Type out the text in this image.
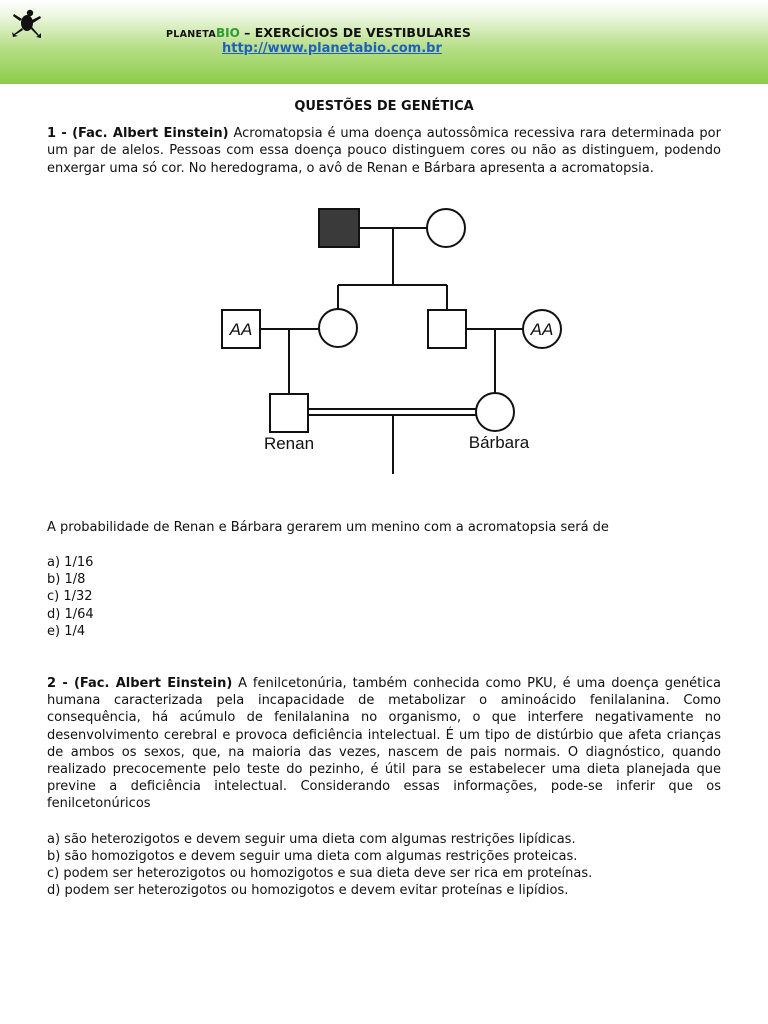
PLANETABIO – EXERCÍCIOS DE VESTIBULARES
http://www.planetabio.com.br
QUESTÕES DE GENÉTICA

1 - (Fac. Albert Einstein) Acromatopsia é uma doença autossômica recessiva rara determinada por um par de alelos. Pessoas com essa doença pouco distinguem cores ou não as distinguem, podendo enxergar uma só cor. No heredograma, o avô de Renan e Bárbara apresenta a acromatopsia.

AA	AA
Renan	Bárbara

A probabilidade de Renan e Bárbara gerarem um menino com a acromatopsia será de

a) 1/16
b) 1/8
c) 1/32
d) 1/64
e) 1/4

2 - (Fac. Albert Einstein) A fenilcetonúria, também conhecida como PKU, é uma doença genética humana caracterizada pela incapacidade de metabolizar o aminoácido fenilalanina. Como consequência, há acúmulo de fenilalanina no organismo, o que interfere negativamente no desenvolvimento cerebral e provoca deficiência intelectual. É um tipo de distúrbio que afeta crianças de ambos os sexos, que, na maioria das vezes, nascem de pais normais. O diagnóstico, quando realizado precocemente pelo teste do pezinho, é útil para se estabelecer uma dieta planejada que previne a deficiência intelectual. Considerando essas informações, pode-se inferir que os fenilcetonúricos

a) são heterozigotos e devem seguir uma dieta com algumas restrições lipídicas.
b) são homozigotos e devem seguir uma dieta com algumas restrições proteicas.
c) podem ser heterozigotos ou homozigotos e sua dieta deve ser rica em proteínas.
d) podem ser heterozigotos ou homozigotos e devem evitar proteínas e lipídios.
